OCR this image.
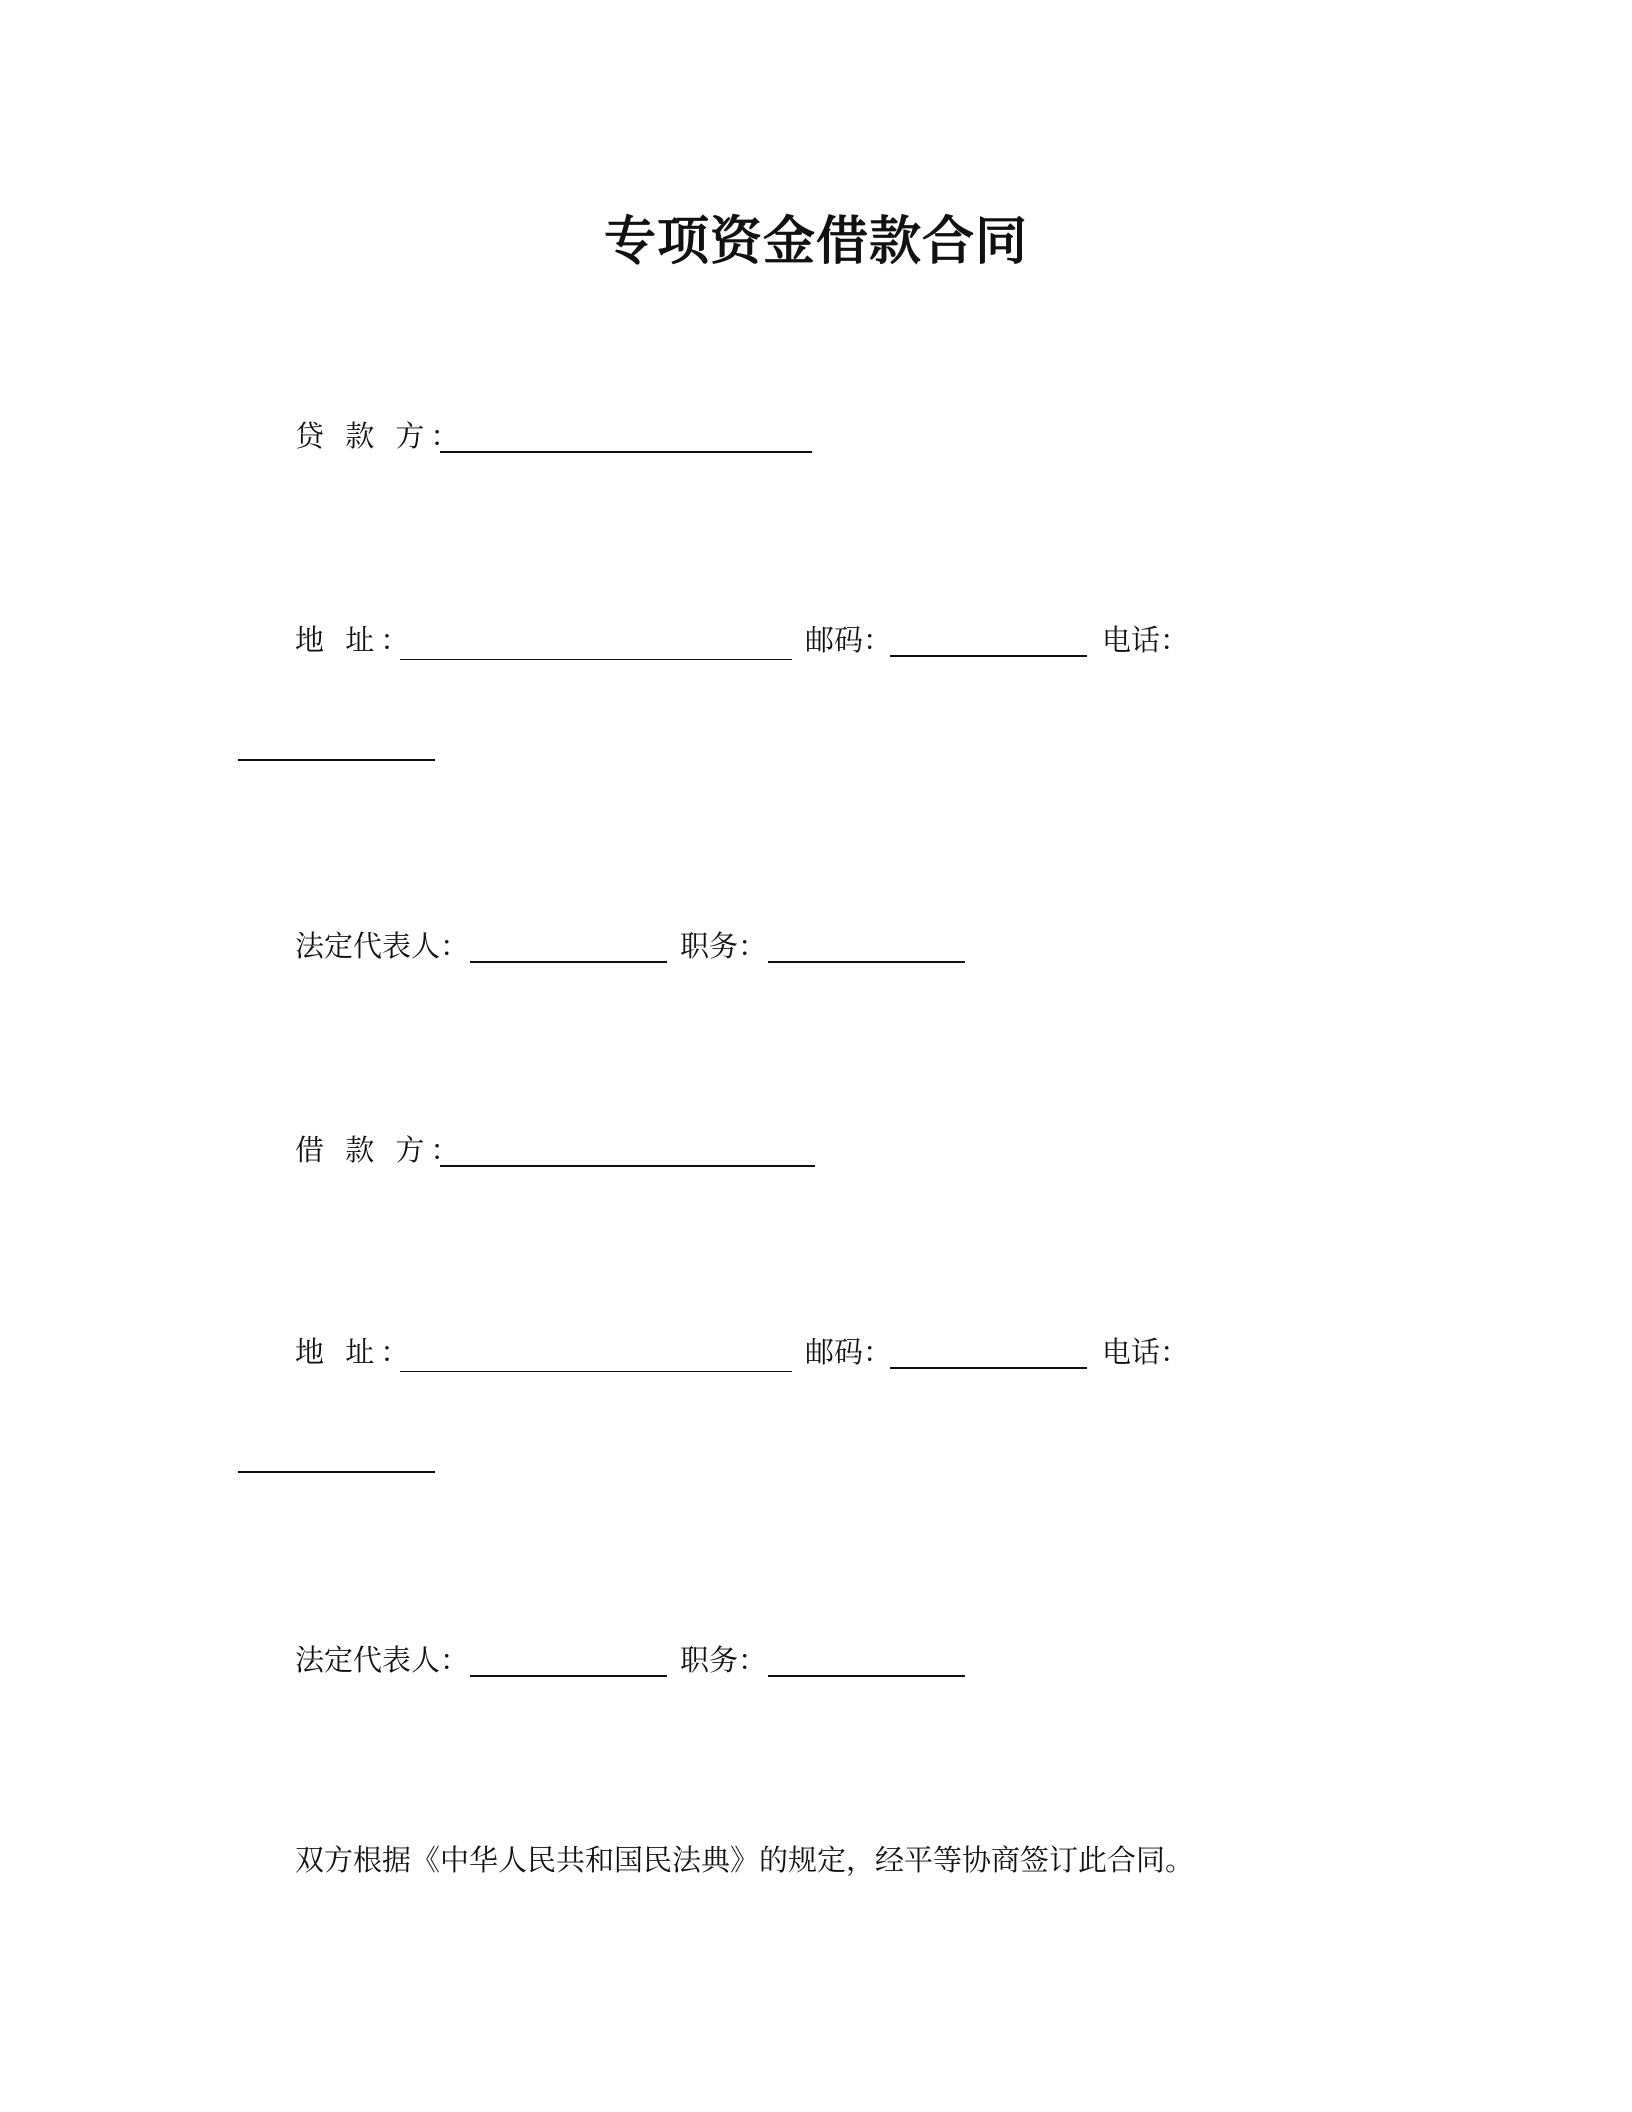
专项资金借款合同
贷 款 方：
地 址：	邮码：	电话：
法定代表人：	职务：
借 款 方：
地 址：	邮码：	电话：
法定代表人：	职务：
双方根据《中华人民共和国民法典》的规定，经平等协商签订此合同。
